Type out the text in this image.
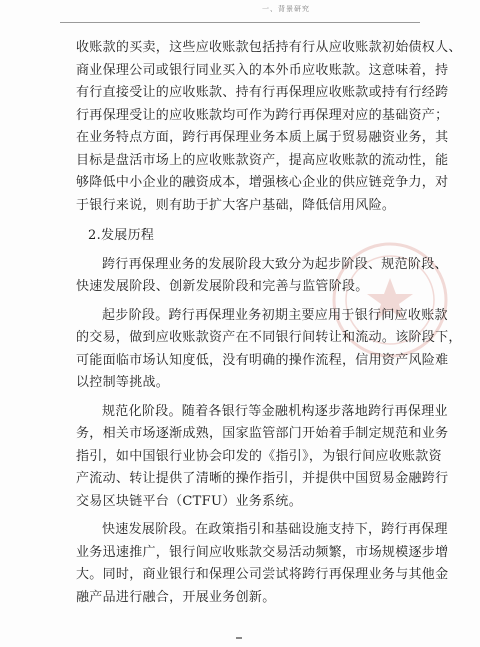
一、背景研究
收账款的买卖，这些应收账款包括持有行从应收账款初始债权人、
商业保理公司或银行同业买入的本外币应收账款。这意味着，持
有行直接受让的应收账款、持有行再保理应收账款或持有行经跨
行再保理受让的应收账款均可作为跨行再保理对应的基础资产；
在业务特点方面，跨行再保理业务本质上属于贸易融资业务，其
目标是盘活市场上的应收账款资产，提高应收账款的流动性，能
够降低中小企业的融资成本，增强核心企业的供应链竞争力，对
于银行来说，则有助于扩大客户基础，降低信用风险。
2.发展历程
跨行再保理业务的发展阶段大致分为起步阶段、规范阶段、
快速发展阶段、创新发展阶段和完善与监管阶段。
起步阶段。跨行再保理业务初期主要应用于银行间应收账款
的交易，做到应收账款资产在不同银行间转让和流动。该阶段下，
可能面临市场认知度低，没有明确的操作流程，信用资产风险难
以控制等挑战。
规范化阶段。随着各银行等金融机构逐步落地跨行再保理业
务，相关市场逐渐成熟，国家监管部门开始着手制定规范和业务
指引，如中国银行业协会印发的《指引》，为银行间应收账款资
产流动、转让提供了清晰的操作指引，并提供中国贸易金融跨行
交易区块链平台（CTFU）业务系统。
快速发展阶段。在政策指引和基础设施支持下，跨行再保理
业务迅速推广，银行间应收账款交易活动频繁，市场规模逐步增
大。同时，商业银行和保理公司尝试将跨行再保理业务与其他金
融产品进行融合，开展业务创新。
